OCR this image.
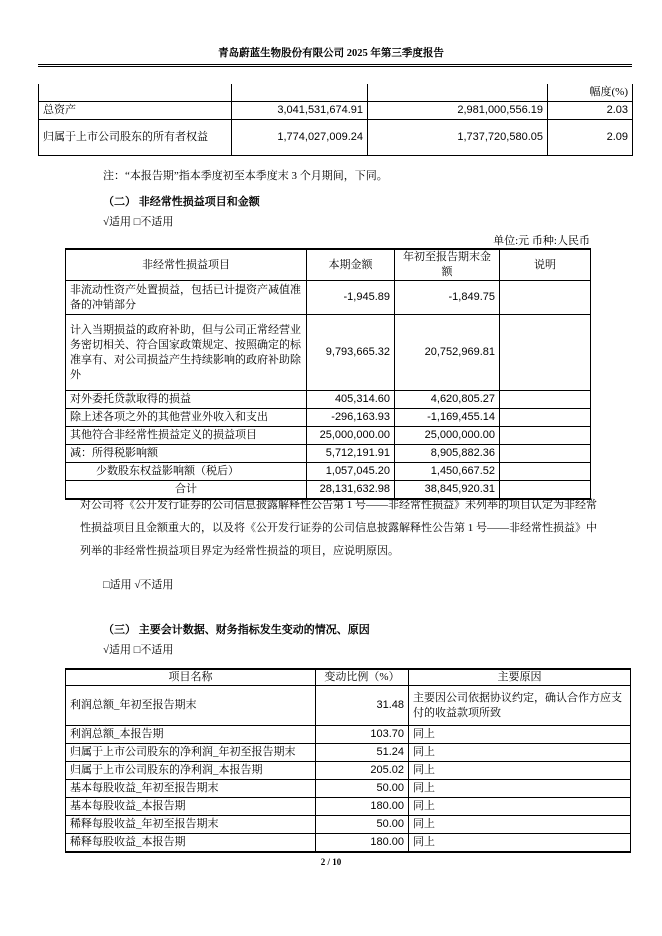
青岛蔚蓝生物股份有限公司 2025 年第三季度报告
			幅度(%)
总资产	3,041,531,674.91	2,981,000,556.19	2.03
归属于上市公司股东的所有者权益	1,774,027,009.24	1,737,720,580.05	2.09
注：“本报告期”指本季度初至本季度末 3 个月期间，下同。
（二） 非经常性损益项目和金额
√适用 □不适用
单位:元 币种:人民币
非经常性损益项目	本期金额	年初至报告期末金额	说明
非流动性资产处置损益，包括已计提资产减值准备的冲销部分	-1,945.89	-1,849.75	
计入当期损益的政府补助，但与公司正常经营业务密切相关、符合国家政策规定、按照确定的标准享有、对公司损益产生持续影响的政府补助除外	9,793,665.32	20,752,969.81	
对外委托贷款取得的损益	405,314.60	4,620,805.27	
除上述各项之外的其他营业外收入和支出	-296,163.93	-1,169,455.14	
其他符合非经常性损益定义的损益项目	25,000,000.00	25,000,000.00	
减：所得税影响额	5,712,191.91	8,905,882.36	
少数股东权益影响额（税后）	1,057,045.20	1,450,667.52	
合计	28,131,632.98	38,845,920.31	
对公司将《公开发行证券的公司信息披露解释性公告第 1 号——非经常性损益》未列举的项目认定为非经常性损益项目且金额重大的，以及将《公开发行证券的公司信息披露解释性公告第 1 号——非经常性损益》中列举的非经常性损益项目界定为经常性损益的项目，应说明原因。
□适用 √不适用
（三） 主要会计数据、财务指标发生变动的情况、原因
√适用 □不适用
项目名称	变动比例（%）	主要原因
利润总额_年初至报告期末	31.48	主要因公司依据协议约定，确认合作方应支付的收益款项所致
利润总额_本报告期	103.70	同上
归属于上市公司股东的净利润_年初至报告期末	51.24	同上
归属于上市公司股东的净利润_本报告期	205.02	同上
基本每股收益_年初至报告期末	50.00	同上
基本每股收益_本报告期	180.00	同上
稀释每股收益_年初至报告期末	50.00	同上
稀释每股收益_本报告期	180.00	同上
2 / 10
